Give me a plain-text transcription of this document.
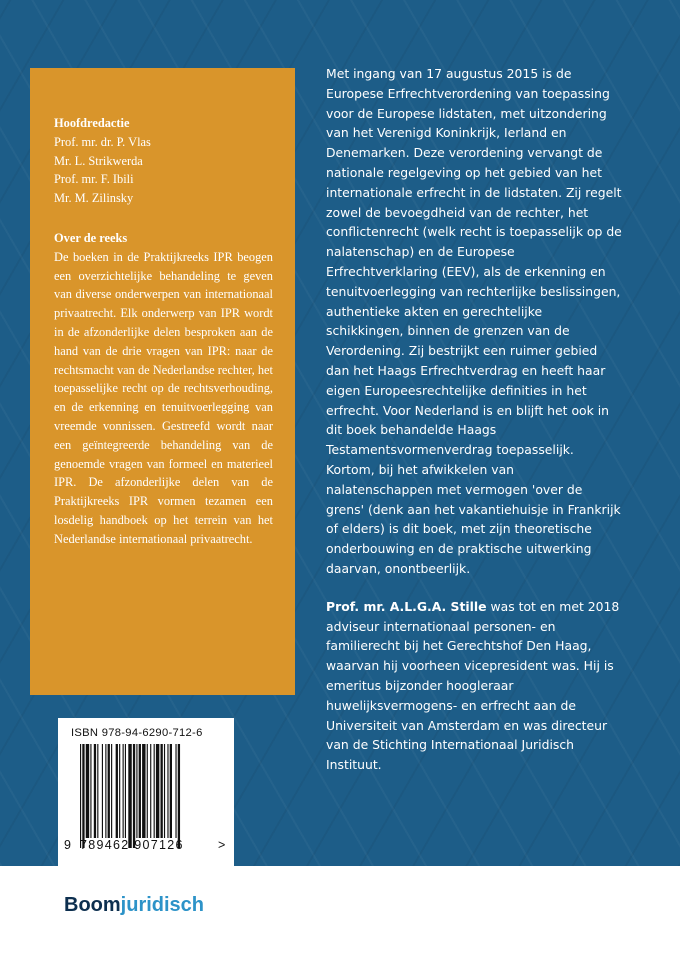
Hoofdredactie

Prof. mr. dr. P. Vlas

Mr. L. Strikwerda

Prof. mr. F. Ibili

Mr. M. Zilinsky

Over de reeks

De boeken in de Praktijkreeks IPR beogen een overzichtelijke behandeling te geven van diverse onderwerpen van internationaal privaatrecht. Elk onderwerp van IPR wordt in de afzonderlijke delen besproken aan de hand van de drie vragen van IPR: naar de rechtsmacht van de Nederlandse rechter, het toepasselijke recht op de rechtsverhouding, en de erkenning en tenuitvoerlegging van vreemde vonnissen. Gestreefd wordt naar een geïntegreerde behandeling van de genoemde vragen van formeel en materieel IPR. De afzonderlijke delen van de Praktijkreeks IPR vormen tezamen een losdelig handboek op het terrein van het Nederlandse internationaal privaatrecht.

Met ingang van 17 augustus 2015 is de Europese Erfrechtverordening van toepassing voor de Europese lidstaten, met uitzondering van het Verenigd Koninkrijk, Ierland en Denemarken. Deze verordening vervangt de nationale regelgeving op het gebied van het internationale erfrecht in de lidstaten. Zij regelt zowel de bevoegdheid van de rechter, het conflictenrecht (welk recht is toepasselijk op de nalatenschap) en de Europese Erfrechtverklaring (EEV), als de erkenning en tenuitvoerlegging van rechterlijke beslissingen, authentieke akten en gerechtelijke schikkingen, binnen de grenzen van de Verordening. Zij bestrijkt een ruimer gebied dan het Haags Erfrechtverdrag en heeft haar eigen Europeesrechtelijke definities in het erfrecht. Voor Nederland is en blijft het ook in dit boek behandelde Haags Testamentsvormenverdrag toepasselijk. Kortom, bij het afwikkelen van nalatenschappen met vermogen 'over de grens' (denk aan het vakantiehuisje in Frankrijk of elders) is dit boek, met zijn theoretische onderbouwing en de praktische uitwerking daarvan, onontbeerlijk.

Prof. mr. A.L.G.A. Stille was tot en met 2018 adviseur internationaal personen- en familierecht bij het Gerechtshof Den Haag, waarvan hij voorheen vicepresident was. Hij is emeritus bijzonder hoogleraar huwelijksvermogens- en erfrecht aan de Universiteit van Amsterdam en was directeur van de Stichting Internationaal Juridisch Instituut.

ISBN 978-94-6290-712-6
9 789462 907126	>
Boomjuridisch
